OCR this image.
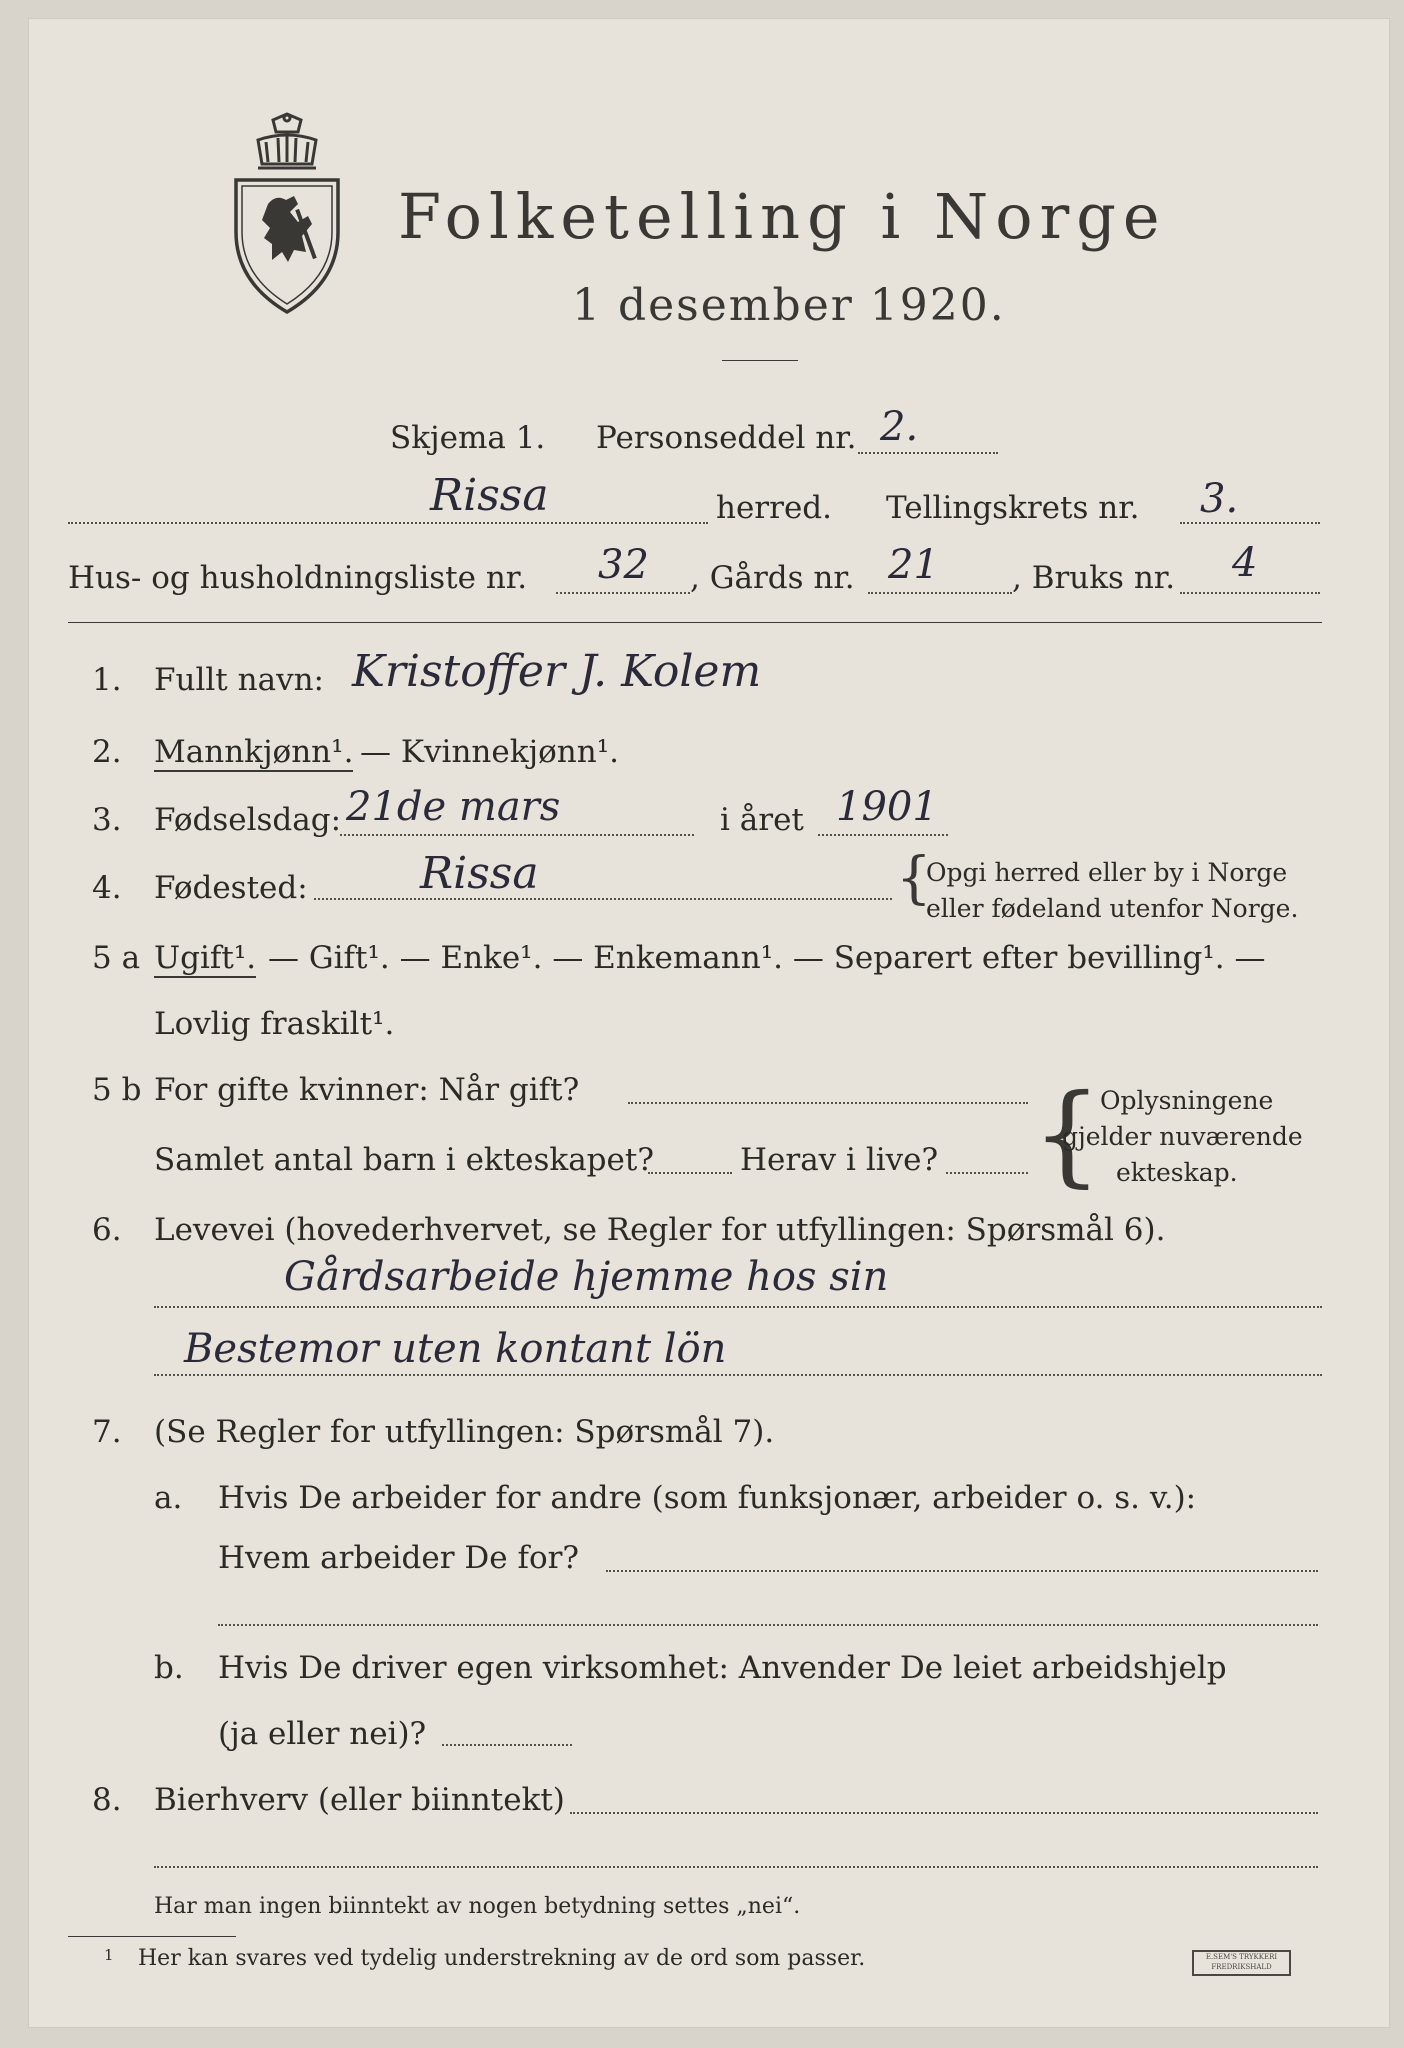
Folketelling i Norge
1 desember 1920.
Skjema 1. Personseddel nr. 2.
Rissa	herred. Tellingskrets nr. 3.
Hus- og husholdningsliste nr. 32 , Gårds nr. 21 , Bruks nr. 4
1. Fullt navn: Kristoffer J. Kolem
2. Mannkjønn¹. — Kvinnekjønn¹.
3. Fødselsdag: 21de mars	i året 1901
4. Fødested:	Rissa	{
Opgi herred eller by i Norge
eller fødeland utenfor Norge.
5 a Ugift¹. — Gift¹. — Enke¹. — Enkemann¹. — Separert efter bevilling¹. —
Lovlig fraskilt¹.
5 b For gifte kvinner: Når gift?
Samlet antal barn i ekteskapet?	Herav i live? {
Oplysningene
gjelder nuværende
ekteskap.
6. Levevei (hovederhvervet, se Regler for utfyllingen: Spørsmål 6).
Gårdsarbeide hjemme hos sin
Bestemor uten kontant lön
7. (Se Regler for utfyllingen: Spørsmål 7).
a. Hvis De arbeider for andre (som funksjonær, arbeider o. s. v.):
Hvem arbeider De for?
b. Hvis De driver egen virksomhet: Anvender De leiet arbeidshjelp
(ja eller nei)?
8. Bierhverv (eller biinntekt)
Har man ingen biinntekt av nogen betydning settes „nei“.
1 Her kan svares ved tydelig understrekning av de ord som passer.	E.SEM'S TRYKKERI
FREDRIKSHALD
